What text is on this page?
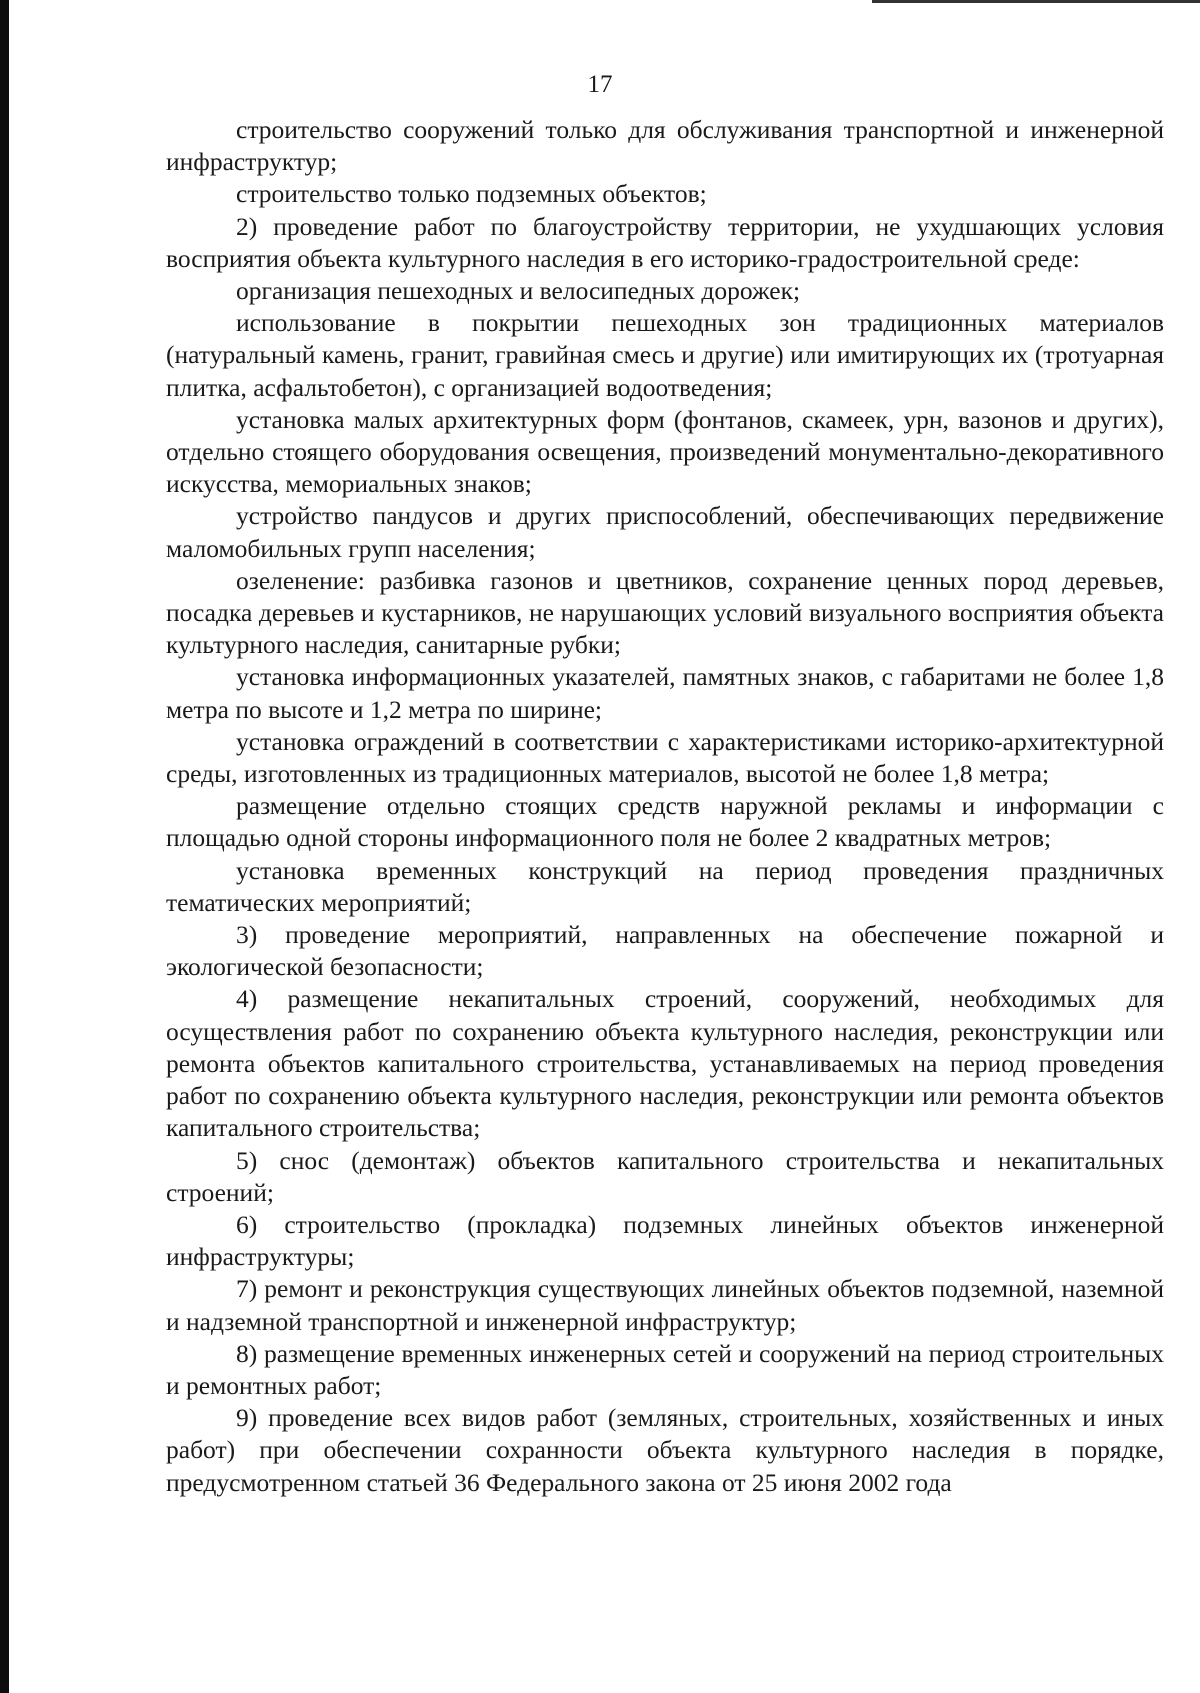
17

строительство сооружений только для обслуживания транспортной и инженерной инфраструктур;

строительство только подземных объектов;

2) проведение работ по благоустройству территории, не ухудшающих условия восприятия объекта культурного наследия в его историко-градостроительной среде:

организация пешеходных и велосипедных дорожек;

использование в покрытии пешеходных зон традиционных материалов (натуральный камень, гранит, гравийная смесь и другие) или имитирующих их (тротуарная плитка, асфальтобетон), с организацией водоотведения;

установка малых архитектурных форм (фонтанов, скамеек, урн, вазонов и других), отдельно стоящего оборудования освещения, произведений монументально-декоративного искусства, мемориальных знаков;

устройство пандусов и других приспособлений, обеспечивающих передвижение маломобильных групп населения;

озеленение: разбивка газонов и цветников, сохранение ценных пород деревьев, посадка деревьев и кустарников, не нарушающих условий визуального восприятия объекта культурного наследия, санитарные рубки;

установка информационных указателей, памятных знаков, с габаритами не более 1,8 метра по высоте и 1,2 метра по ширине;

установка ограждений в соответствии с характеристиками историко-архитектурной среды, изготовленных из традиционных материалов, высотой не более 1,8 метра;

размещение отдельно стоящих средств наружной рекламы и информации с площадью одной стороны информационного поля не более 2 квадратных метров;

установка временных конструкций на период проведения праздничных тематических мероприятий;

3) проведение мероприятий, направленных на обеспечение пожарной и экологической безопасности;

4) размещение некапитальных строений, сооружений, необходимых для осуществления работ по сохранению объекта культурного наследия, реконструкции или ремонта объектов капитального строительства, устанавливаемых на период проведения работ по сохранению объекта культурного наследия, реконструкции или ремонта объектов капитального строительства;

5) снос (демонтаж) объектов капитального строительства и некапитальных строений;

6) строительство (прокладка) подземных линейных объектов инженерной инфраструктуры;

7) ремонт и реконструкция существующих линейных объектов подземной, наземной и надземной транспортной и инженерной инфраструктур;

8) размещение временных инженерных сетей и сооружений на период строительных и ремонтных работ;

9) проведение всех видов работ (земляных, строительных, хозяйственных и иных работ) при обеспечении сохранности объекта культурного наследия в порядке, предусмотренном статьей 36 Федерального закона от 25 июня 2002 года
